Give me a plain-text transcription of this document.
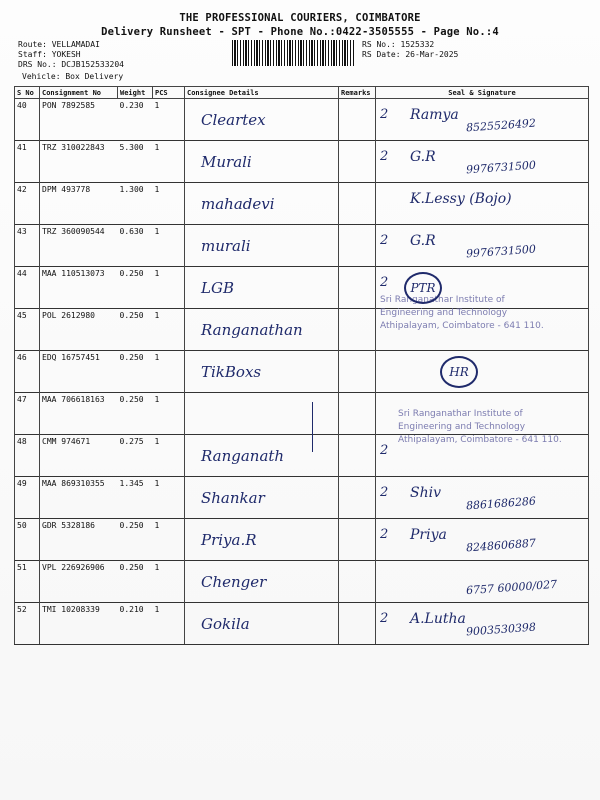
THE PROFESSIONAL COURIERS, COIMBATORE
Delivery Runsheet - SPT - Phone No.:0422-3505555 - Page No.:4
Route: VELLAMADAI
Staff: YOKESH
DRS No.: DCJB152533204
Vehicle: Box Delivery
RS No.: 1525332
RS Date: 26-Mar-2025
S No	Consignment No	Weight	PCS	Consignee Details	Remarks	Seal & Signature
40	PON 7892585	0.230	1	Cleartex		2 Ramya
8525526492

41	TRZ 310022843	5.300	1	Murali		2 G.R
9976731500

42	DPM 493778	1.300	1	mahadevi		K.Lessy (Bojo)

43	TRZ 360090544	0.630	1	murali		2 G.R
9976731500

44	MAA 110513073	0.250	1	LGB		2

45	POL 2612980	0.250	1	Ranganathan		

46	EDQ 16757451	0.250	1	TikBoxs		

47	MAA 706618163	0.250	1			

48	CMM 974671	0.275	1	Ranganath		2

49	MAA 869310355	1.345	1	Shankar		2 Shiv
8861686286

50	GDR 5328186	0.250	1	Priya.R		2 Priya
8248606887

51	VPL 226926906	0.250	1	Chenger		6757 60000/027

52	TMI 10208339	0.210	1	Gokila		2 A.Lutha
9003530398
Sri Ranganathar Institute of
Engineering and Technology
Athipalayam, Coimbatore - 641 110.
Sri Ranganathar Institute of
Engineering and Technology
Athipalayam, Coimbatore - 641 110.
PTR
HR
